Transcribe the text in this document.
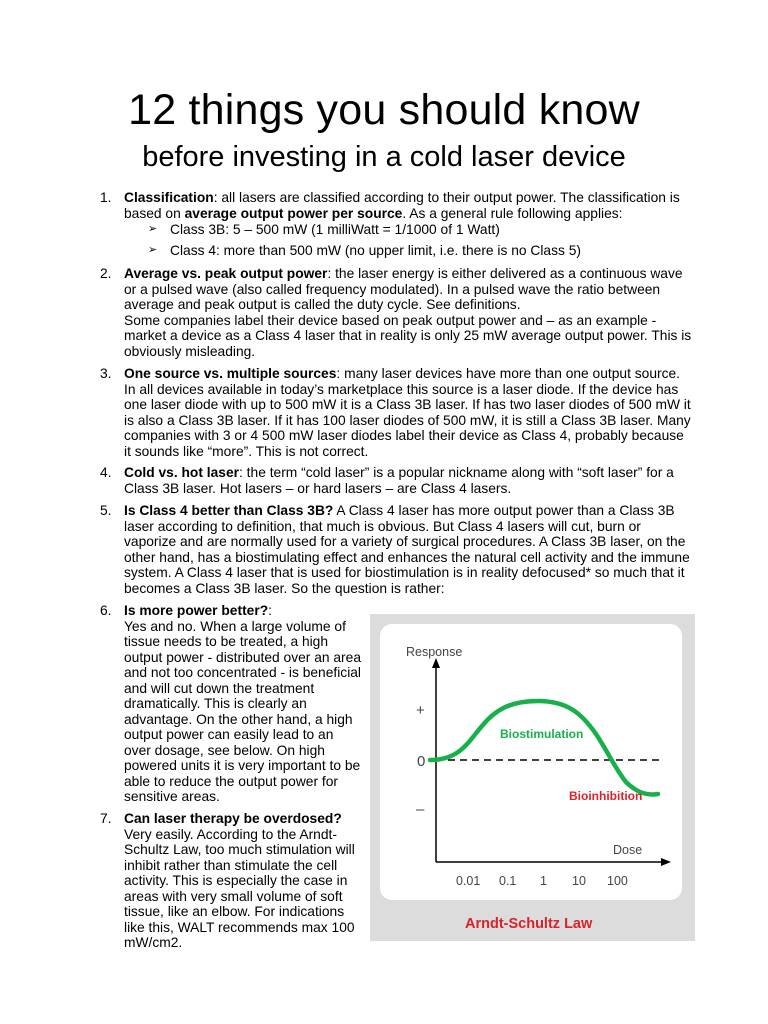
12 things you should know
before investing in a cold laser device
1. Classification: all lasers are classified according to their output power. The classification is based on average output power per source. As a general rule following applies:
➢ Class 3B: 5 – 500 mW (1 milliWatt = 1/1000 of 1 Watt)
➢ Class 4: more than 500 mW (no upper limit, i.e. there is no Class 5)
2. Average vs. peak output power: the laser energy is either delivered as a continuous wave or a pulsed wave (also called frequency modulated). In a pulsed wave the ratio between average and peak output is called the duty cycle. See definitions.
Some companies label their device based on peak output power and – as an example - market a device as a Class 4 laser that in reality is only 25 mW average output power. This is obviously misleading.
3. One source vs. multiple sources: many laser devices have more than one output source. In all devices available in today’s marketplace this source is a laser diode. If the device has one laser diode with up to 500 mW it is a Class 3B laser. If has two laser diodes of 500 mW it is also a Class 3B laser. If it has 100 laser diodes of 500 mW, it is still a Class 3B laser. Many companies with 3 or 4 500 mW laser diodes label their device as Class 4, probably because it sounds like “more”. This is not correct.
4. Cold vs. hot laser: the term “cold laser” is a popular nickname along with “soft laser” for a Class 3B laser. Hot lasers – or hard lasers – are Class 4 lasers.
5. Is Class 4 better than Class 3B? A Class 4 laser has more output power than a Class 3B laser according to definition, that much is obvious. But Class 4 lasers will cut, burn or vaporize and are normally used for a variety of surgical procedures. A Class 3B laser, on the other hand, has a biostimulating effect and enhances the natural cell activity and the immune system. A Class 4 laser that is used for biostimulation is in reality defocused* so much that it becomes a Class 3B laser. So the question is rather:
6. Is more power better?:
Yes and no. When a large volume of tissue needs to be treated, a high output power - distributed over an area and not too concentrated - is beneficial and will cut down the treatment dramatically. This is clearly an advantage. On the other hand, a high output power can easily lead to an over dosage, see below. On high powered units it is very important to be able to reduce the output power for sensitive areas.
7. Can laser therapy be overdosed?
Very easily. According to the Arndt-Schultz Law, too much stimulation will inhibit rather than stimulate the cell activity. This is especially the case in areas with very small volume of soft tissue, like an elbow. For indications like this, WALT recommends max 100 mW/cm2.
Response
+
0
–
Dose
0.01 0.1 1 10 100
Biostimulation
Bioinhibition
Arndt-Schultz Law
